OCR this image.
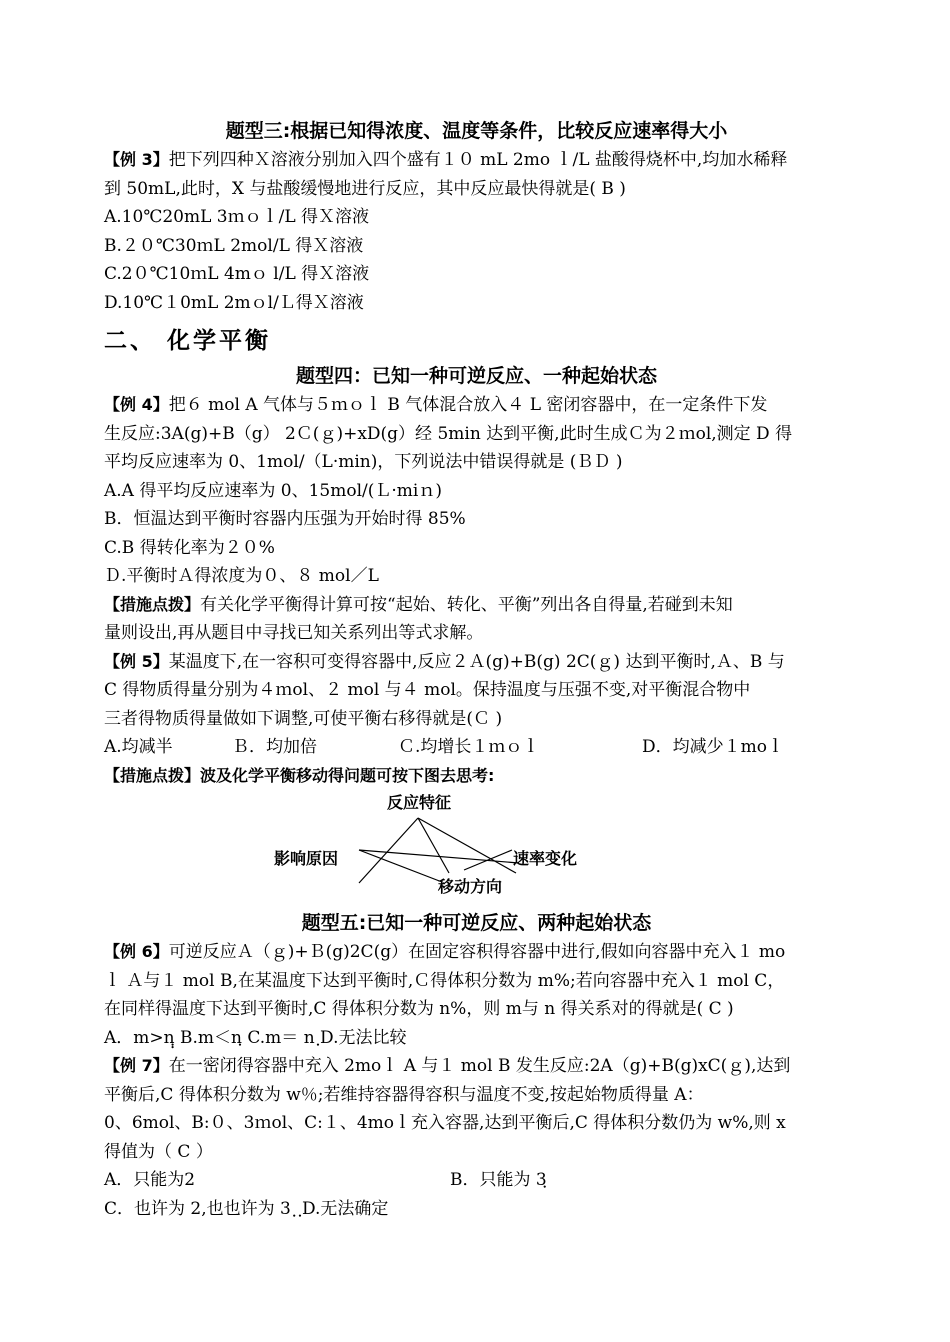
题型三:根据已知得浓度、温度等条件，比较反应速率得大小
【例 3】把下列四种Ｘ溶液分别加入四个盛有１０ mL 2mo ｌ/L 盐酸得烧杯中,均加水稀释
到 50mL,此时，X 与盐酸缓慢地进行反应，其中反应最快得就是( B )
A.10℃20mL 3ｍｏｌ/L 得Ｘ溶液
B.２０℃30ｍL 2mol/L 得Ｘ溶液
C.2０℃10ｍL 4mｏ l/L 得Ｘ溶液
D.10℃１0mL 2mｏl/Ｌ得Ｘ溶液
二、 化学平衡
题型四：已知一种可逆反应、一种起始状态
【例 4】把６ mol A 气体与５ｍｏｌ B 气体混合放入４ L 密闭容器中，在一定条件下发
生反应:3A(g)+B（g） 2Ｃ(ｇ)+xD(g）经 5min 达到平衡,此时生成Ｃ为２ｍol,测定 D 得
平均反应速率为 0、1mol/（L·min)，下列说法中错误得就是 (ＢＤ )
A.A 得平均反应速率为 0、15mol/(Ｌ·miｎ)
B．恒温达到平衡时容器内压强为开始时得 85%
C.B 得转化率为２０%
Ｄ.平衡时Ａ得浓度为０、８ mol／L
【措施点拨】有关化学平衡得计算可按“起始、转化、平衡”列出各自得量,若碰到未知
量则设出,再从题目中寻找已知关系列出等式求解。
【例 5】某温度下,在一容积可变得容器中,反应２Ａ(g)+B(g) 2C(ｇ) 达到平衡时,Ａ、B 与
C 得物质得量分别为４ｍol、２ mol 与４ mol。保持温度与压强不变,对平衡混合物中
三者得物质得量做如下调整,可使平衡右移得就是(Ｃ )
A.均减半	Ｂ．均加倍	Ｃ.均增长１ｍｏｌ	D．均减少１moｌ
【措施点拨】波及化学平衡移动得问题可按下图去思考:
反应特征
影响原因	速率变化
移动方向
题型五:已知一种可逆反应、两种起始状态
【例 6】可逆反应Ａ（ｇ)+Ｂ(g)2C(g）在固定容积得容器中进行,假如向容器中充入１ mo
ｌ Ａ与１ mol B,在某温度下达到平衡时,Ｃ得体积分数为 m%;若向容器中充入１ mol C，
在同样得温度下达到平衡时,C 得体积分数为 n%，则 m与 n 得关系对的得就是( C )
A．m>nฺฺ B.m＜nฺ C.m＝ n ฺD.无法比较
【例 7】在一密闭得容器中充入 2moｌ A 与１ mol B 发生反应:2A（g)+B(g)xC(ｇ),达到
平衡后,C 得体积分数为 w％;若维持容器得容积与温度不变,按起始物质得量 A：
0、6mol、B:０、3ｍol、C:１、4moｌ充入容器,达到平衡后,C 得体积分数仍为 w%,则 x
得值为（ C ）
A．只能为2	B．只能为 3ฺ
C．也许为 2,也也许为 3 ฺ ฺD.无法确定
